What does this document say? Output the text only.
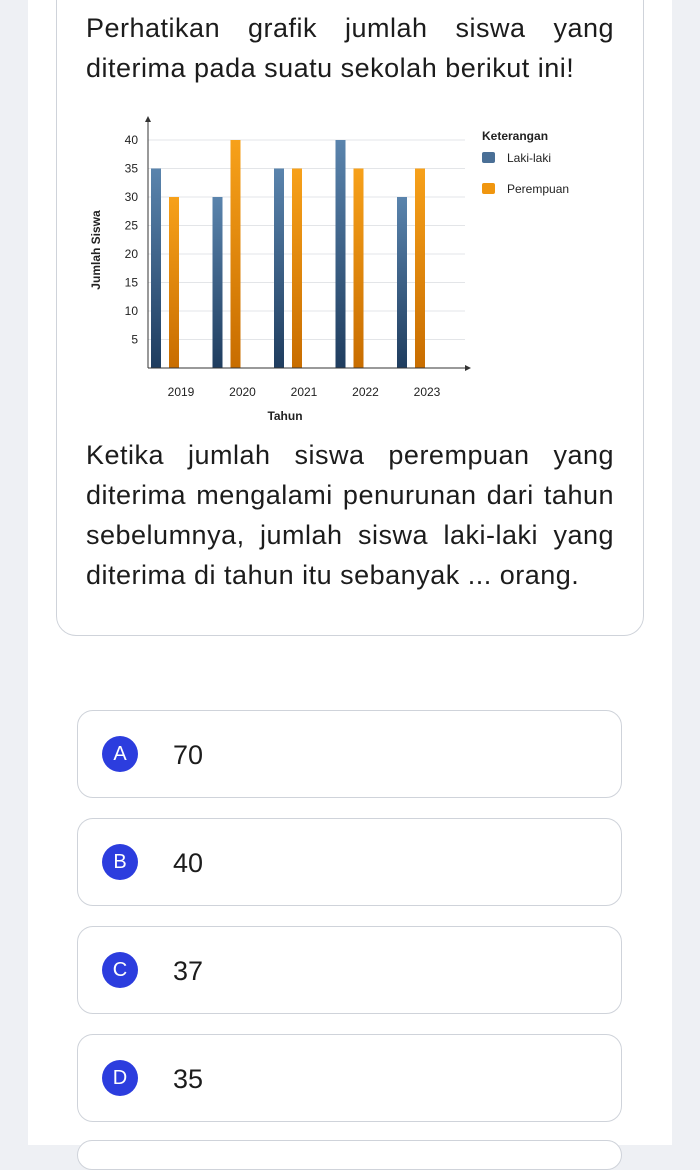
Perhatikan grafik jumlah siswa yang diterima pada suatu sekolah berikut ini!
5
10
15
20
25
30
35
40
2019	2020	2021	2022	2023
Tahun
Jumlah Siswa
Keterangan
Laki-laki
Perempuan
Ketika jumlah siswa perempuan yang diterima mengalami penurunan dari tahun sebelumnya, jumlah siswa laki-laki yang diterima di tahun itu sebanyak ... orang.
A	70
B	40
C	37
D	35
